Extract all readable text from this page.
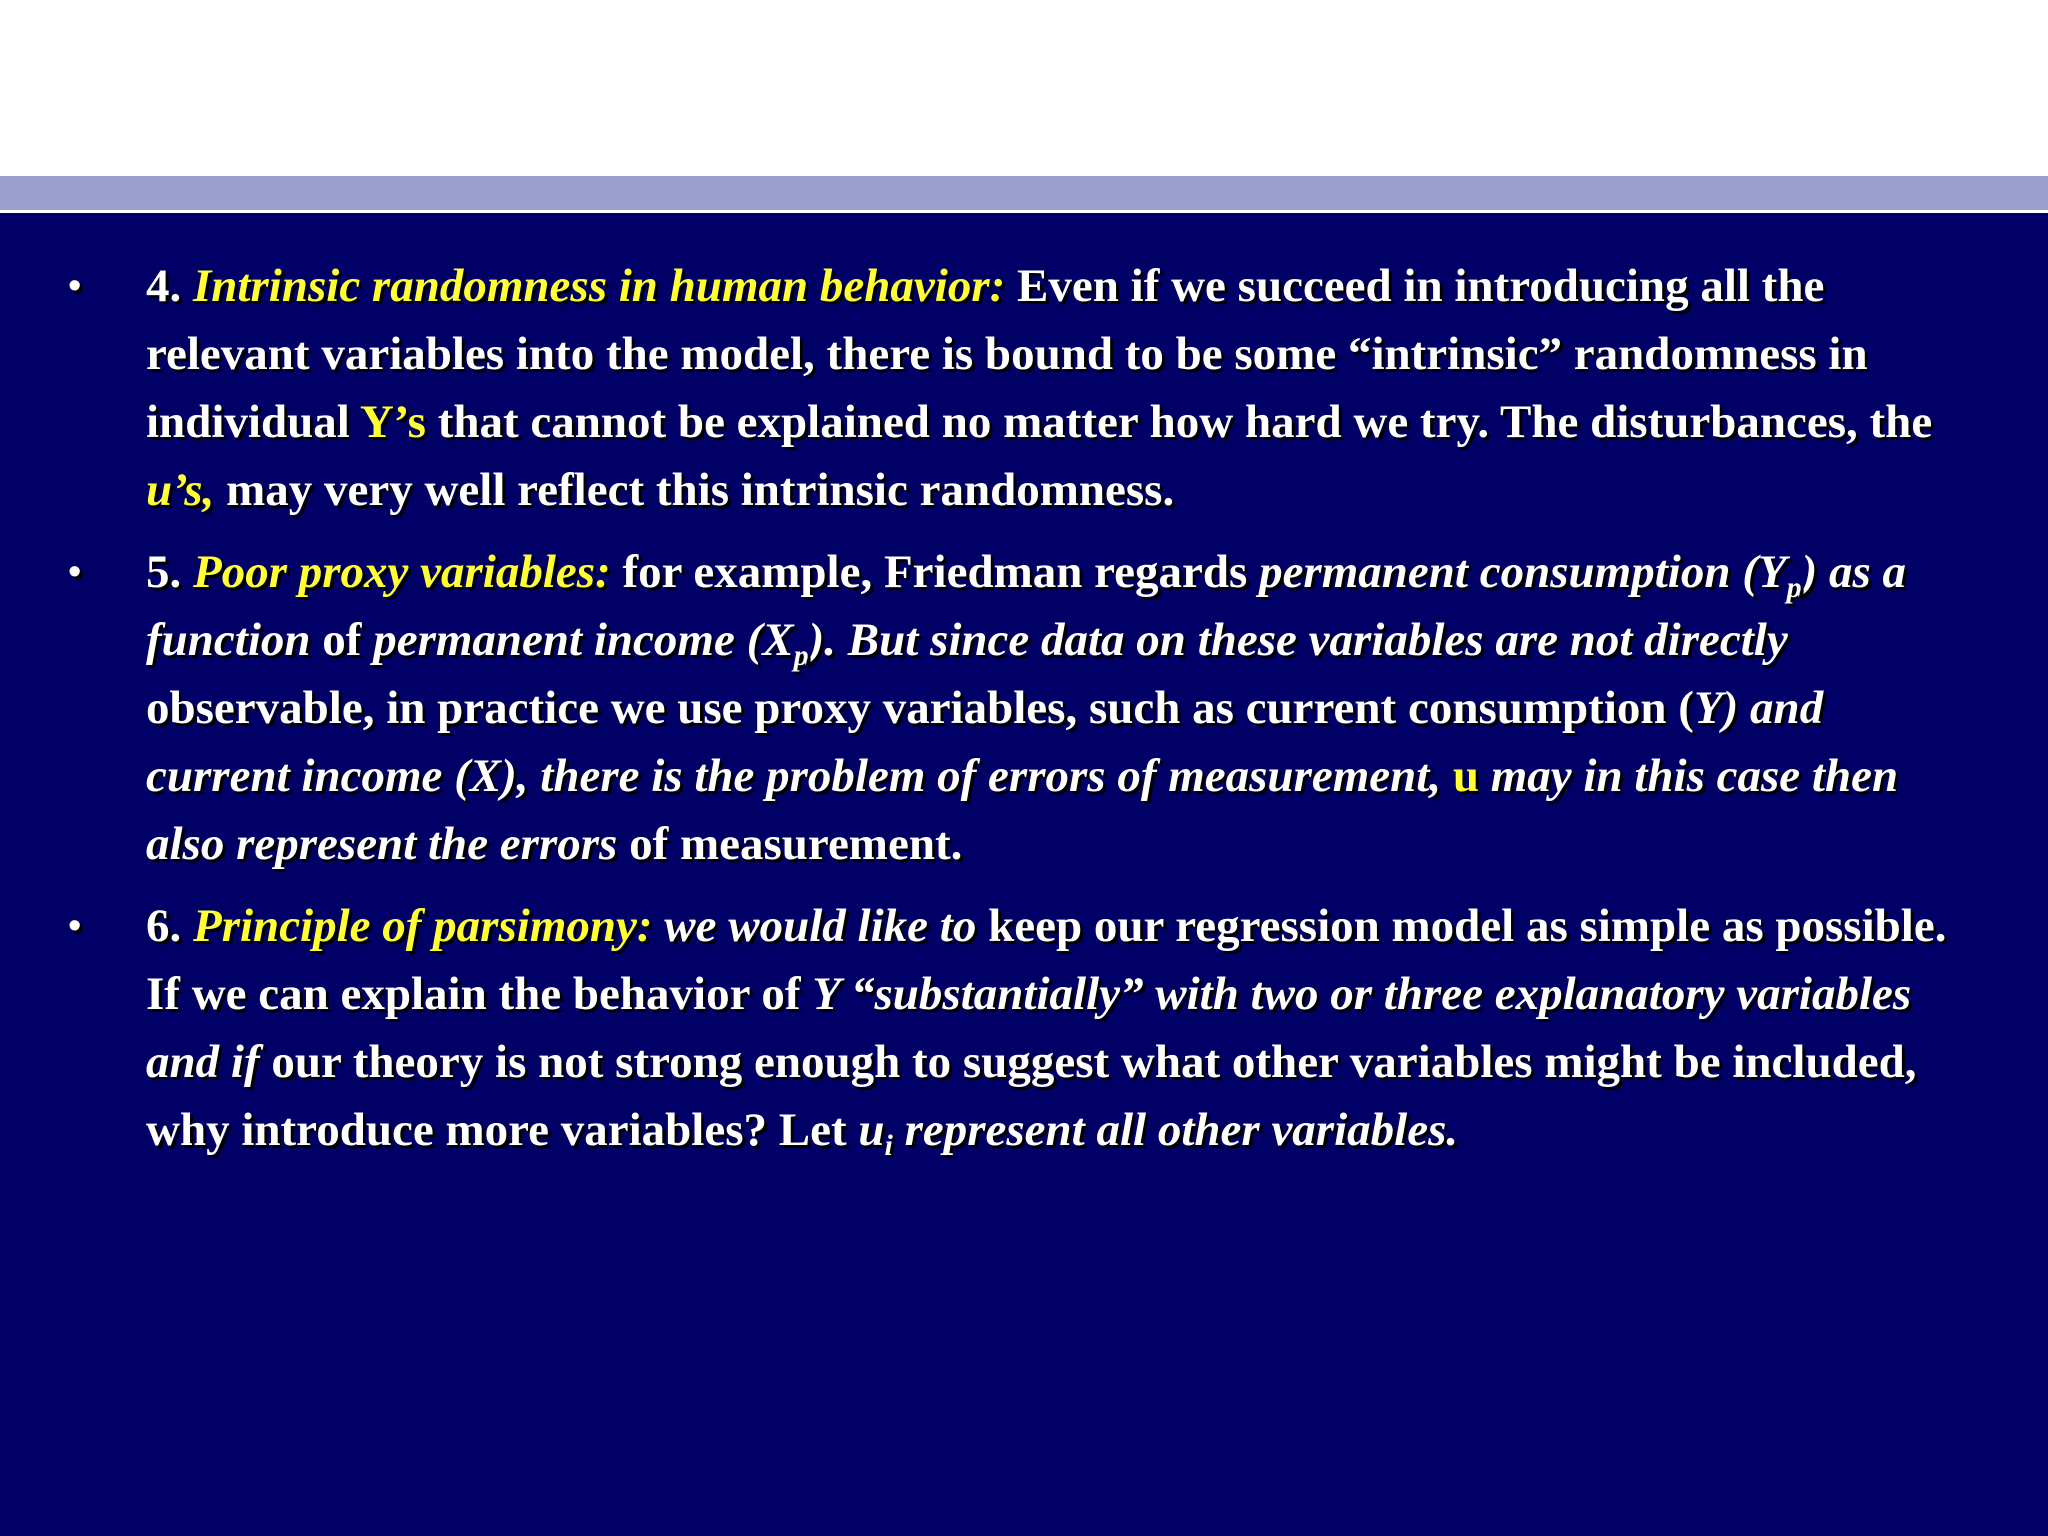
• 4. Intrinsic randomness in human behavior: Even if we succeed in introducing all the relevant variables into the model, there is bound to be some “intrinsic” randomness in individual Y’s that cannot be explained no matter how hard we try. The disturbances, the u’s, may very well reflect this intrinsic randomness.
• 5. Poor proxy variables: for example, Friedman regards permanent consumption $(Y_p)$ as a function of permanent income $(X_p)$. But since data on these variables are not directly observable, in practice we use proxy variables, such as current consumption (Y) and current income (X), there is the problem of errors of measurement, u may in this case then also represent the errors of measurement.
• 6. Principle of parsimony: we would like to keep our regression model as simple as possible. If we can explain the behavior of Y “substantially” with two or three explanatory variables and if our theory is not strong enough to suggest what other variables might be included, why introduce more variables? Let $u_i$ represent all other variables.
